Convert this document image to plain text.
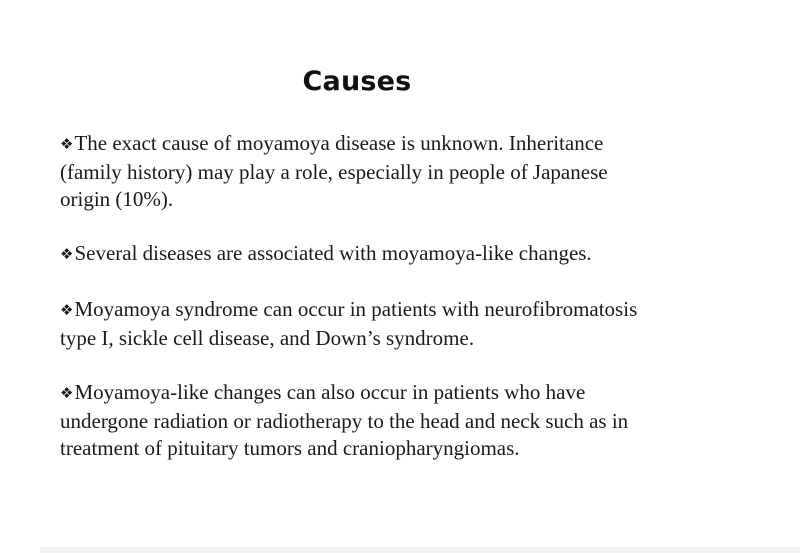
Causes
❖The exact cause of moyamoya disease is unknown. Inheritance
(family history) may play a role, especially in people of Japanese
origin (10%).
❖Several diseases are associated with moyamoya-like changes.
❖Moyamoya syndrome can occur in patients with neurofibromatosis
type I, sickle cell disease, and Down’s syndrome.
❖Moyamoya-like changes can also occur in patients who have
undergone radiation or radiotherapy to the head and neck such as in
treatment of pituitary tumors and craniopharyngiomas.
